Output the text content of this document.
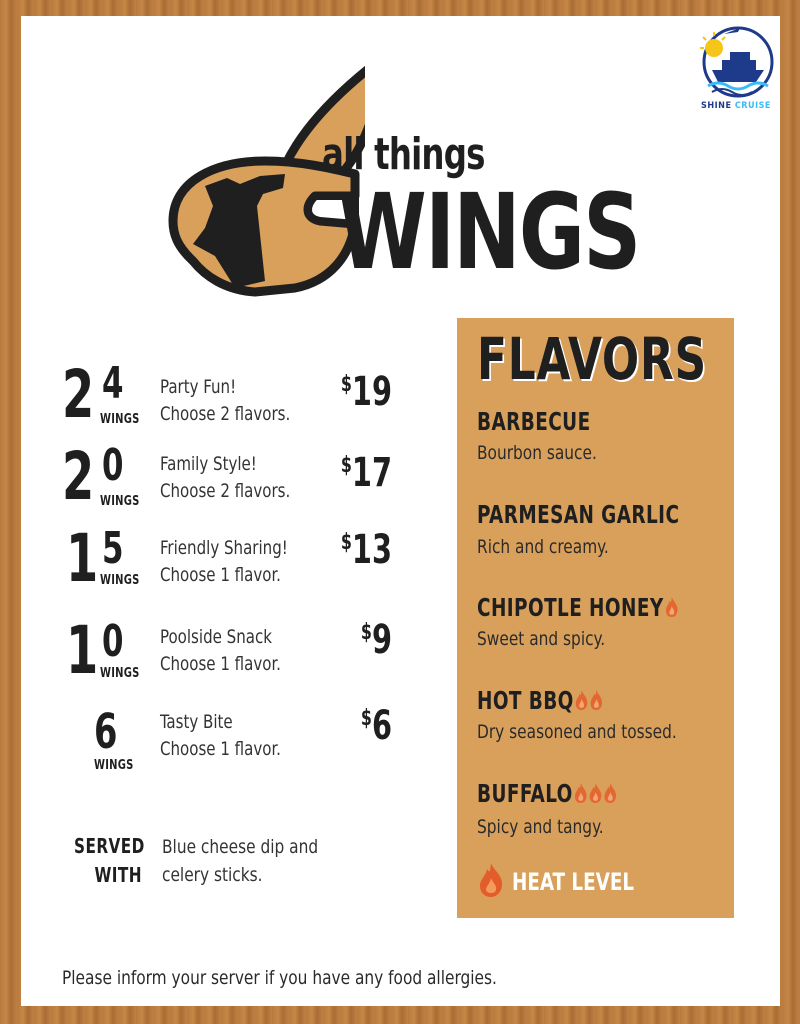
all things
WINGS
SHINE CRUISE
2 4
WINGS
Party Fun!
Choose 2 flavors.
$19
2 0
WINGS
Family Style!
Choose 2 flavors.
$17
1 5
WINGS
Friendly Sharing!
Choose 1 flavor.
$13
1 0
WINGS
Poolside Snack
Choose 1 flavor.
$9
6
WINGS
Tasty Bite
Choose 1 flavor.
$6
SERVED
WITH
Blue cheese dip and
celery sticks.
FLAVORS
BARBECUE
Bourbon sauce.
PARMESAN GARLIC
Rich and creamy.
CHIPOTLE HONEY
Sweet and spicy.
HOT BBQ
Dry seasoned and tossed.
BUFFALO
Spicy and tangy.
HEAT LEVEL
Please inform your server if you have any food allergies.
